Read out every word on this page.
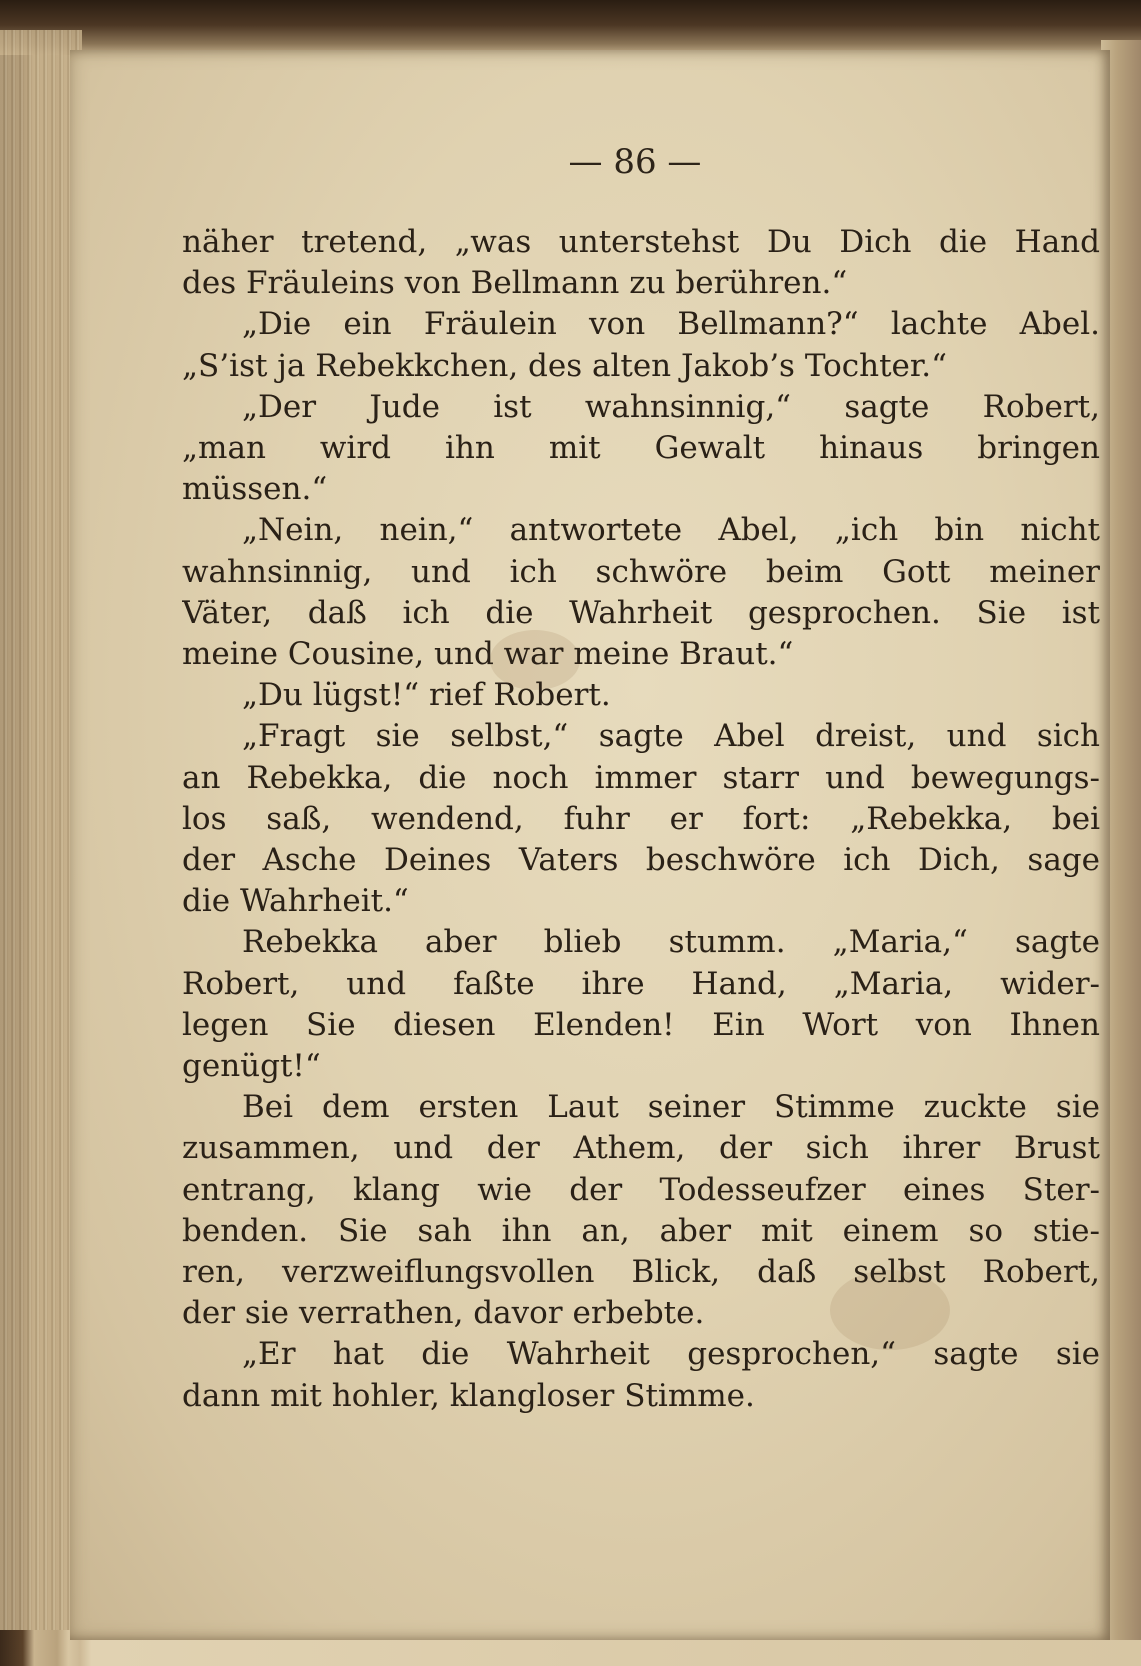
— 86 —
näher tretend, „was unterstehst Du Dich die Hand
des Fräuleins von Bellmann zu berühren.“
„Die ein Fräulein von Bellmann?“ lachte Abel.
„S’ist ja Rebekkchen, des alten Jakob’s Tochter.“
„Der Jude ist wahnsinnig,“ sagte Robert,
„man wird ihn mit Gewalt hinaus bringen
müssen.“
„Nein, nein,“ antwortete Abel, „ich bin nicht
wahnsinnig, und ich schwöre beim Gott meiner
Väter, daß ich die Wahrheit gesprochen. Sie ist
meine Cousine, und war meine Braut.“
„Du lügst!“ rief Robert.
„Fragt sie selbst,“ sagte Abel dreist, und sich
an Rebekka, die noch immer starr und bewegungs-
los saß, wendend, fuhr er fort: „Rebekka, bei
der Asche Deines Vaters beschwöre ich Dich, sage
die Wahrheit.“
Rebekka aber blieb stumm. „Maria,“ sagte
Robert, und faßte ihre Hand, „Maria, wider-
legen Sie diesen Elenden! Ein Wort von Ihnen
genügt!“
Bei dem ersten Laut seiner Stimme zuckte sie
zusammen, und der Athem, der sich ihrer Brust
entrang, klang wie der Todesseufzer eines Ster-
benden. Sie sah ihn an, aber mit einem so stie-
ren, verzweiflungsvollen Blick, daß selbst Robert,
der sie verrathen, davor erbebte.
„Er hat die Wahrheit gesprochen,“ sagte sie
dann mit hohler, klangloser Stimme.
